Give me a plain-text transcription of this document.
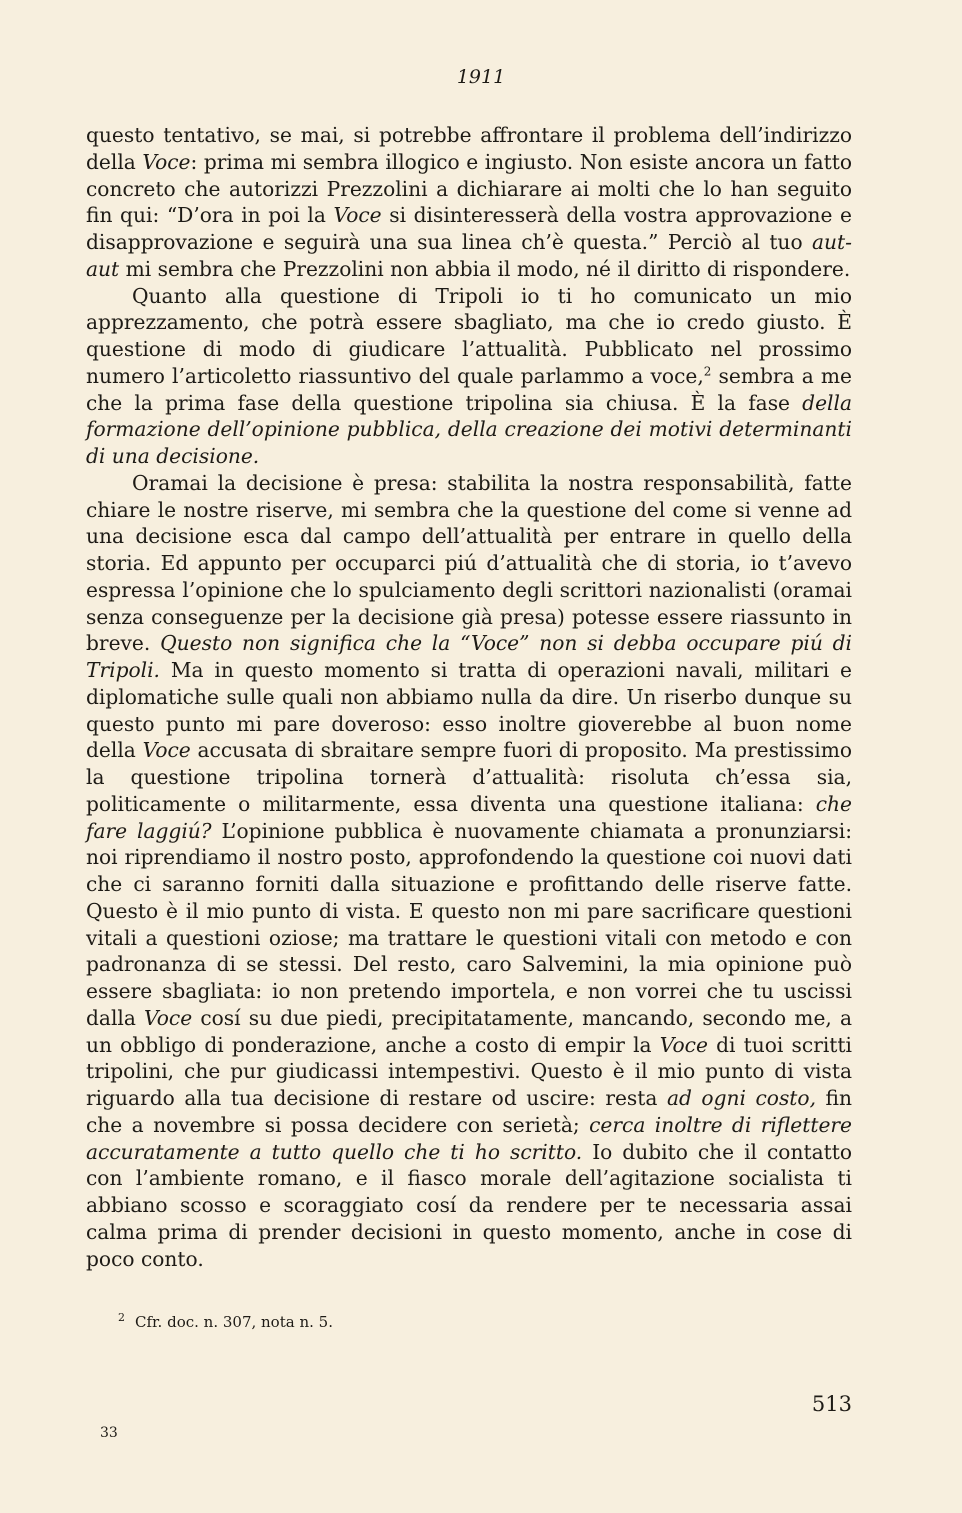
1911

questo tentativo, se mai, si potrebbe affrontare il problema dell’indirizzo della Voce: prima mi sembra illogico e ingiusto. Non esiste ancora un fatto concreto che autorizzi Prezzolini a dichiarare ai molti che lo han seguito fin qui: “D’ora in poi la Voce si disinteresserà della vostra approvazione e disapprovazione e seguirà una sua linea ch’è questa.” Perciò al tuo aut-aut mi sembra che Prezzolini non abbia il modo, né il diritto di rispondere.

Quanto alla questione di Tripoli io ti ho comunicato un mio apprezzamento, che potrà essere sbagliato, ma che io credo giusto. È questione di modo di giudicare l’attualità. Pubblicato nel prossimo numero l’articoletto riassuntivo del quale parlammo a voce,$^2$ sembra a me che la prima fase della questione tripolina sia chiusa. È la fase della formazione dell’opinione pubblica, della creazione dei motivi determinanti di una decisione.

Oramai la decisione è presa: stabilita la nostra responsabilità, fatte chiare le nostre riserve, mi sembra che la questione del come si venne ad una decisione esca dal campo dell’attualità per entrare in quello della storia. Ed appunto per occuparci piú d’attualità che di storia, io t’avevo espressa l’opinione che lo spulciamento degli scrittori nazionalisti (oramai senza conseguenze per la decisione già presa) potesse essere riassunto in breve. Questo non significa che la “Voce” non si debba occupare piú di Tripoli. Ma in questo momento si tratta di operazioni navali, militari e diplomatiche sulle quali non abbiamo nulla da dire. Un riserbo dunque su questo punto mi pare doveroso: esso inoltre gioverebbe al buon nome della Voce accusata di sbraitare sempre fuori di proposito. Ma prestissimo la questione tripolina tornerà d’attualità: risoluta ch’essa sia, politicamente o militarmente, essa diventa una questione italiana: che fare laggiú? L’opinione pubblica è nuovamente chiamata a pronunziarsi: noi riprendiamo il nostro posto, approfondendo la questione coi nuovi dati che ci saranno forniti dalla situazione e profittando delle riserve fatte. Questo è il mio punto di vista. E questo non mi pare sacrificare questioni vitali a questioni oziose; ma trattare le questioni vitali con metodo e con padronanza di se stessi. Del resto, caro Salvemini, la mia opinione può essere sbagliata: io non pretendo importela, e non vorrei che tu uscissi dalla Voce cosí su due piedi, precipitatamente, mancando, secondo me, a un obbligo di ponderazione, anche a costo di empir la Voce di tuoi scritti tripolini, che pur giudicassi intempestivi. Questo è il mio punto di vista riguardo alla tua decisione di restare od uscire: resta ad ogni costo, fin che a novembre si possa decidere con serietà; cerca inoltre di riflettere accuratamente a tutto quello che ti ho scritto. Io dubito che il contatto con l’ambiente romano, e il fiasco morale dell’agitazione socialista ti abbiano scosso e scoraggiato cosí da rendere per te necessaria assai calma prima di prender decisioni in questo momento, anche in cose di poco conto.

$^2$ Cfr. doc. n. 307, nota n. 5.
513
33
